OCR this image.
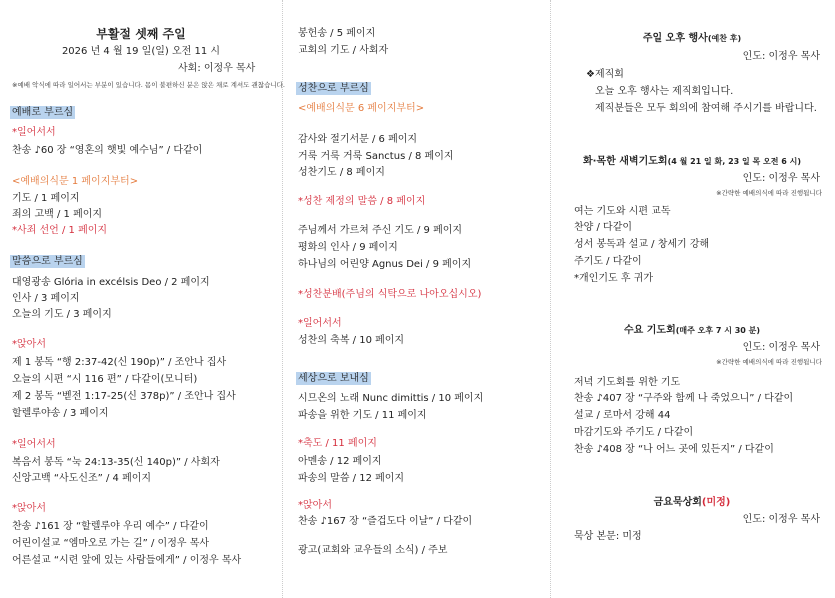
부활절 셋째 주일
2026 년 4 월 19 일(일) 오전 11 시
사회: 이정우 목사
※예배 악식에 따라 일어서는 부분이 있습니다. 몸이 불편하신 분은 앉은 채로 계셔도 괜찮습니다.
예배로 부르심
*일어서서
찬송 ♪60 장 “영혼의 햇빛 예수님” / 다같이
<예배의식문 1 페이지부터>
기도 / 1 페이지
죄의 고백 / 1 페이지
*사죄 선언 / 1 페이지
말씀으로 부르심
대영광송 Glória in excélsis Deo / 2 페이지
인사 / 3 페이지
오늘의 기도 / 3 페이지
*앉아서
제 1 봉독 “행 2:37-42(신 190p)” / 조안나 집사
오늘의 시편 “시 116 편” / 다같이(모니터)
제 2 봉독 “벧전 1:17-25(신 378p)” / 조안나 집사
할렐루야송 / 3 페이지
*일어서서
복음서 봉독 “눅 24:13-35(신 140p)” / 사회자
신앙고백 “사도신조” / 4 페이지
*앉아서
찬송 ♪161 장 “할렐루야 우리 예수” / 다같이
어린이설교 “엠마오로 가는 길” / 이정우 목사
어른설교 “시련 앞에 있는 사람들에게” / 이정우 목사
봉헌송 / 5 페이지
교회의 기도 / 사회자
성찬으로 부르심
<예배의식문 6 페이지부터>
감사와 절기서문 / 6 페이지
거룩 거룩 거룩 Sanctus / 8 페이지
성찬기도 / 8 페이지
*성찬 제정의 말씀 / 8 페이지
주님께서 가르쳐 주신 기도 / 9 페이지
평화의 인사 / 9 페이지
하나님의 어린양 Agnus Dei / 9 페이지
*성찬분배(주님의 식탁으로 나아오십시오)
*일어서서
성찬의 축복 / 10 페이지
세상으로 보내심
시므온의 노래 Nunc dimittis / 10 페이지
파송을 위한 기도 / 11 페이지
*축도 / 11 페이지
아멘송 / 12 페이지
파송의 말씀 / 12 페이지
*앉아서
찬송 ♪167 장 “즐겁도다 이날” / 다같이
광고(교회와 교우들의 소식) / 주보
주일 오후 행사(예찬 후)
인도: 이정우 목사
❖제직회
오늘 오후 행사는 제직회입니다.
제직분들은 모두 회의에 참여해 주시기를 바랍니다.
화·목한 새벽기도회(4 월 21 일 화, 23 일 목 오전 6 시)
인도: 이정우 목사
※간략한 예배의식에 따라 진행됩니다
여는 기도와 시편 교독
찬양 / 다같이
성서 봉독과 설교 / 창세기 강해
주기도 / 다같이
*개인기도 후 귀가
수요 기도회(매주 오후 7 시 30 분)
인도: 이정우 목사
※간략한 예배의식에 따라 진행됩니다
저녁 기도회를 위한 기도
찬송 ♪407 장 “구주와 함께 나 죽었으니” / 다같이
설교 / 로마서 강해 44
마감기도와 주기도 / 다같이
찬송 ♪408 장 “나 어느 곳에 있든지” / 다같이
금요묵상회(미정)
인도: 이정우 목사
묵상 본문: 미정
